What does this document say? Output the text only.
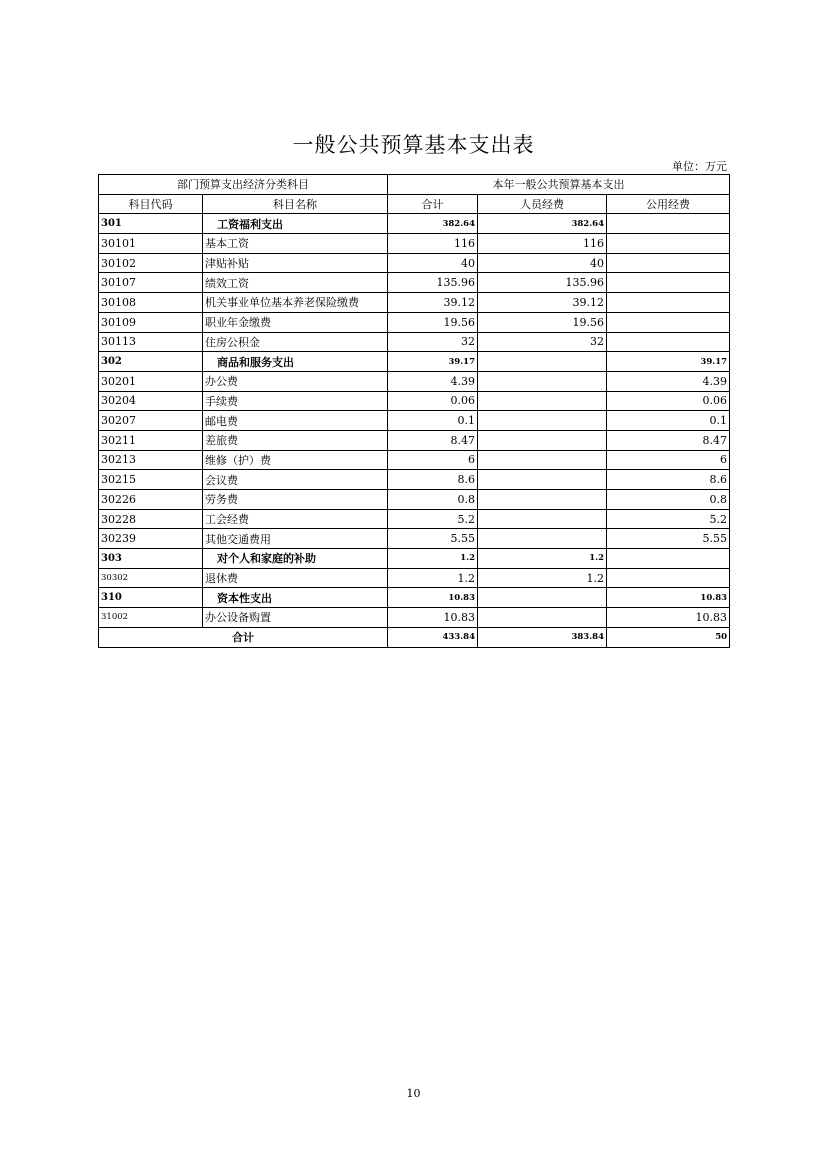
一般公共预算基本支出表
单位：万元
部门预算支出经济分类科目		本年一般公共预算基本支出		
科目代码	科目名称	合计	人员经费	公用经费
301	工资福利支出	382.64	382.64	
30101	基本工资	116	116	
30102	津贴补贴	40	40	
30107	绩效工资	135.96	135.96	
30108	机关事业单位基本养老保险缴费	39.12	39.12	
30109	职业年金缴费	19.56	19.56	
30113	住房公积金	32	32	
302	商品和服务支出	39.17		39.17
30201	办公费	4.39		4.39
30204	手续费	0.06		0.06
30207	邮电费	0.1		0.1
30211	差旅费	8.47		8.47
30213	维修（护）费	6		6
30215	会议费	8.6		8.6
30226	劳务费	0.8		0.8
30228	工会经费	5.2		5.2
30239	其他交通费用	5.55		5.55
303	对个人和家庭的补助	1.2	1.2	
30302	退休费	1.2	1.2	
310	资本性支出	10.83		10.83
31002	办公设备购置	10.83		10.83
合计		433.84	383.84	50
10
